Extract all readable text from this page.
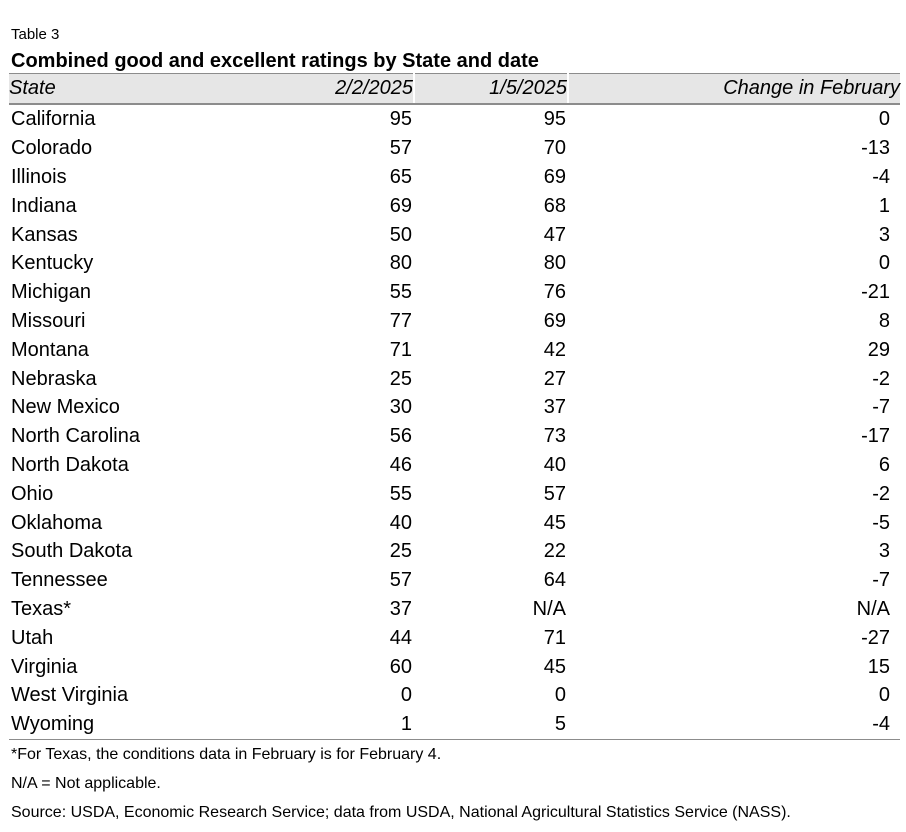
Table 3
Combined good and excellent ratings by State and date
State	2/2/2025	1/5/2025	Change in February
California	95	95	0
Colorado	57	70	-13
Illinois	65	69	-4
Indiana	69	68	1
Kansas	50	47	3
Kentucky	80	80	0
Michigan	55	76	-21
Missouri	77	69	8
Montana	71	42	29
Nebraska	25	27	-2
New Mexico	30	37	-7
North Carolina	56	73	-17
North Dakota	46	40	6
Ohio	55	57	-2
Oklahoma	40	45	-5
South Dakota	25	22	3
Tennessee	57	64	-7
Texas*	37	N/A	N/A
Utah	44	71	-27
Virginia	60	45	15
West Virginia	0	0	0
Wyoming	1	5	-4

*For Texas, the conditions data in February is for February 4.

N/A = Not applicable.

Source: USDA, Economic Research Service; data from USDA, National Agricultural Statistics Service (NASS).
